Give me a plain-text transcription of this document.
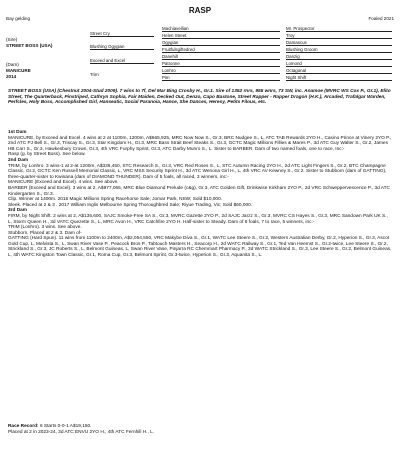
RASP
Bay gelding	Foaled 2021
(Sire)
STREET BOSS (USA)
(Dam)
MANICURE
2014
Street Cry
Blushing Ogygian
Exceed and Excel
Trim
Machiavellian
Helen Street
Ogygian
Fruitfulsgiftedred
Danehill
Patronne
Lonhro
Pim
Mr. Prospector
Troy
Damascus
Blushing Groom
Danzig
Lomond
Octagonal
Night Shift
STREET BOSS (USA) (Chestnut 2004-Stud 2009). 7 wins to 7f, Del Mar Bing Crosby H., Gr.1. Sire of 1352 rnrs, 955 wnrs, 73 SW, inc. Anamoe (MVRC WS Cox P., Gr.1), Elito Street, The Quarterback, Pinstriped, Cathryn Sophia, Fair Maiden, Decked Out, Denzo, Capo Bastone, Street Rapper - Rapper Dragon (H.K.), Arcaded, Trafalgar Warden, Perfcles, Holy Boss, Accomplished Girl, Hanseatic, Social Paranoia, Hance, She Dances, Heresy, Petits Filous, etc.

1st Dam

MANICURE, by Exceed and Excel. 4 wins at 2 at 1100m, 1200m, A$665,925, MRC Now Now S., Gr.3, BRC Nudgee S., L, ATC TAB Rewards 2YO H., Casino Prince at Vinery 2YO P., 2nd ATC PJ Bell S., Gr.3, Triscay S., Gr.3, Star Kingdom H., Gr.3, MRC Bass Strait Beef Steaks S., Gr.3, GCTC Magic Millions Fillies & Mares P., 3d ATC Guy Walter S., Gr.2, James HB Carr S., Gr.3, Hawkesbury Crown, Gr.3, 4th VRC Furphy Sprint, Gr.3, ATC Darby Munro S., L. Sister to BARBER. Dam of two named foals, one to race, Inc:-

Rasp (g. by Street Boss). See below.

2nd Dam

TRIM, by Lonhro. 3 wins-1 at 2-at 1200m, A$336,450, STC Research S., Gr.3, VRC Red Roses S., L, STC Autumn Racing 2YO H., 2d ATC Light Fingers S., Gr.2, BTC Champagne Classic, Gr.2, GCTC Ken Russell Memorial Classic, L, VRC MSS Security Sprint H., 3d ATC Wenona Girl H., L, 4th VRC AV Kewney S., Gr.2. Sister to Stubborn (dam of GATTING), three-quarter-sister to Kwinana (dam of DIAMOND THUNDER). Dam of 5 foals, all raced, 3 winners, inc:-

MANICURE (Exceed and Excel). 4 wins. See above.

BARBER (Exceed and Excel). 3 wins at 2, A$977,065, MRC Blue Diamond Prelude (c&g), Gr.3, ATC Golden Gift, Drinkwise Kirkham 2YO P., 2d VRC Schweppervescence P., 3d ATC Kindergarten S., Gr.3.

Clip. Winner at 1400m. 2015 Magic Millions Spring Racehorse Sale; Jomar Park, NSW; Sold $10,000.

Sleek. Placed at 2 & 3 . 2017 William Inglis Melbourne Spring Thoroughbred Sale; Riyue Trading, Vic; Sold $60,000.

3rd Dam

FIRM, by Night Shift. 2 wins at 2, A$135,600, SAJC Smoke-Free SA S., Gr.3, MVRC Gazette 2YO P., 2d SAJC Jarzz S., Gr.3, MVRC CS Hayes S., Gr.3, MRC Sandown Park UK S., L, Storm Queen H., 3d VATC Quezette S., L, MRC Avon H., VRC Catchfire 2YO H. Half-sister to Steady. Dam of 8 foals, 7 to race, 5 winners, inc:-

TRIM (Lonhro). 3 wins. See above.

Stubborn. Placed at 2 & 3. Dam of-

GATTING (Hard Spun). 11 wins from 1100m to 2400m, A$2,054,550, VRC Makybe Diva S., Gr.1, WATC Lee Steere S., Gr.2, Western Australian Derby, Gr.2, Hyperion S., Gr.3, Ascot Gold Cup, L, Melvista S., L, Swan River Vase P., Peacock Bros P., Tabtouch Masters H., Seacorp H., 2d WATC Railway S., Gr.1, Ted Van Heemst S., Gr.2-twice, Lee Steere S., Gr.2, Strickland S., Gr.3, JC Roberts S., L, Belmont Guineas, L, Swan River Vase, Pinjarra RC Chemmart Pharmacy P., 3d WATC Strickland S., Gr.3, Lee Steere S., Gr.2, Belmont Guineas, L, 4th WATC Kingston Town Classic, Gr.1, Roma Cup, Gr.3, Belmont Sprint, Gr.3-twice, Hyperion S., Gr.3, Aquanita S., L.

Race Record: 6 Starts 0-0-1 A$19,150.

Placed at 2 in 2023-24, 3d ATC ENVU 2YO H., 4th ATC Fernhill H., L.
